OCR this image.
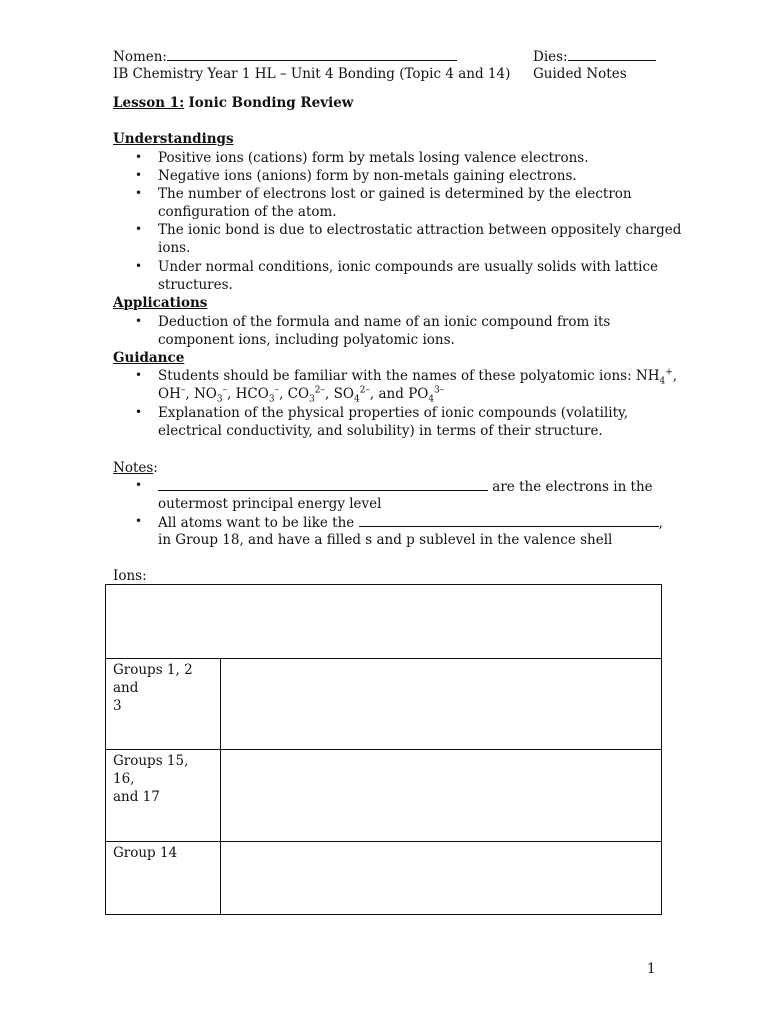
Nomen:	Dies:
IB Chemistry Year 1 HL – Unit 4 Bonding (Topic 4 and 14) Guided Notes
Lesson 1: Ionic Bonding Review
Understandings
• Positive ions (cations) form by metals losing valence electrons.
• Negative ions (anions) form by non-metals gaining electrons.
• The number of electrons lost or gained is determined by the electron
configuration of the atom.
• The ionic bond is due to electrostatic attraction between oppositely charged
ions.
• Under normal conditions, ionic compounds are usually solids with lattice
structures.
Applications
• Deduction of the formula and name of an ionic compound from its
component ions, including polyatomic ions.
Guidance
• Students should be familiar with the names of these polyatomic ions: $NH_4^+$,
OH–, $NO_3^-$, $HCO_3^-$, $CO_3^{2-}$, $SO_4^{2-}$, and $PO_4^{3-}$
• Explanation of the physical properties of ionic compounds (volatility,
electrical conductivity, and solubility) in terms of their structure.
Notes:
•	are the electrons in the
outermost principal energy level
• All atoms want to be like the	,
in Group 18, and have a filled s and p sublevel in the valence shell
Ions:

Groups 1, 2 and
3	

Groups 15, 16,
and 17	

Group 14	

1
